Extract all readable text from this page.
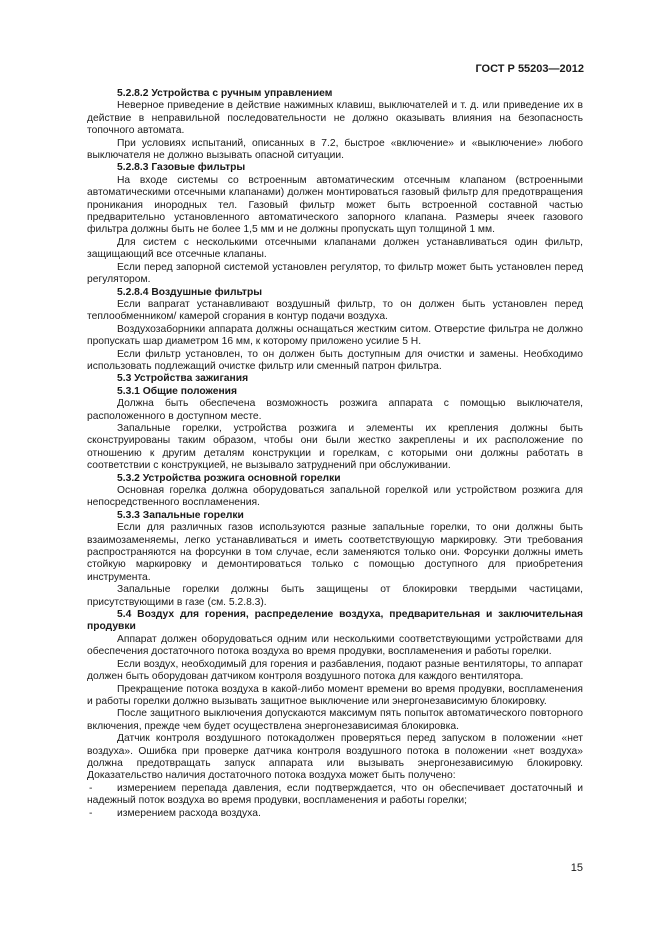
ГОСТ Р 55203—2012

5.2.8.2 Устройства с ручным управлением

Неверное приведение в действие нажимных клавиш, выключателей и т. д. или приведение их в действие в неправильной последовательности не должно оказывать влияния на безопасность топочного автомата.

При условиях испытаний, описанных в 7.2, быстрое «включение» и «выключение» любого выключателя не должно вызывать опасной ситуации.

5.2.8.3 Газовые фильтры

На входе системы со встроенным автоматическим отсечным клапаном (встроенными автоматическими отсечными клапанами) должен монтироваться газовый фильтр для предотвращения проникания инородных тел. Газовый фильтр может быть встроенной составной частью предварительно установленного автоматического запорного клапана. Размеры ячеек газового фильтра должны быть не более 1,5 мм и не должны пропускать щуп толщиной 1 мм.

Для систем с несколькими отсечными клапанами должен устанавливаться один фильтр, защищающий все отсечные клапаны.

Если перед запорной системой установлен регулятор, то фильтр может быть установлен перед регулятором.

5.2.8.4 Воздушные фильтры

Если вапparат устанавливают воздушный фильтр, то он должен быть установлен перед теплообменником/ камерой сгорания в контур подачи воздуха.

Воздухозаборники аппарата должны оснащаться жестким ситом. Отверстие фильтра не должно пропускать шар диаметром 16 мм, к которому приложено усилие 5 Н.

Если фильтр установлен, то он должен быть доступным для очистки и замены. Необходимо использовать подлежащий очистке фильтр или сменный патрон фильтра.

5.3 Устройства зажигания

5.3.1 Общие положения

Должна быть обеспечена возможность розжига аппарата с помощью выключателя, расположенного в доступном месте.

Запальные горелки, устройства розжига и элементы их крепления должны быть сконструированы таким образом, чтобы они были жестко закреплены и их расположение по отношению к другим деталям конструкции и горелкам, с которыми они должны работать в соответствии с конструкцией, не вызывало затруднений при обслуживании.

5.3.2 Устройства розжига основной горелки

Основная горелка должна оборудоваться запальной горелкой или устройством розжига для непосредственного воспламенения.

5.3.3 Запальные горелки

Если для различных газов используются разные запальные горелки, то они должны быть взаимозаменяемы, легко устанавливаться и иметь соответствующую маркировку. Эти требования распространяются на форсунки в том случае, если заменяются только они. Форсунки должны иметь стойкую маркировку и демонтироваться только с помощью доступного для приобретения инструмента.

Запальные горелки должны быть защищены от блокировки твердыми частицами, присутствующими в газе (см. 5.2.8.3).

5.4 Воздух для горения, распределение воздуха, предварительная и заключительная продувки

Аппарат должен оборудоваться одним или несколькими соответствующими устройствами для обеспечения достаточного потока воздуха во время продувки, воспламенения и работы горелки.

Если воздух, необходимый для горения и разбавления, подают разные вентиляторы, то аппарат должен быть оборудован датчиком контроля воздушного потока для каждого вентилятора.

Прекращение потока воздуха в какой-либо момент времени во время продувки, воспламенения и работы горелки должно вызывать защитное выключение или энергонезависимую блокировку.

После защитного выключения допускаются максимум пять попыток автоматического повторного включения, прежде чем будет осуществлена энергонезависимая блокировка.

Датчик контроля воздушного потокадолжен проверяться перед запуском в положении «нет воздуха». Ошибка при проверке датчика контроля воздушного потока в положении «нет воздуха» должна предотвращать запуск аппарата или вызывать энергонезависимую блокировку. Доказательство наличия достаточного потока воздуха может быть получено:

- измерением перепада давления, если подтверждается, что он обеспечивает достаточный и надежный поток воздуха во время продувки, воспламенения и работы горелки;

- измерением расхода воздуха.

15
